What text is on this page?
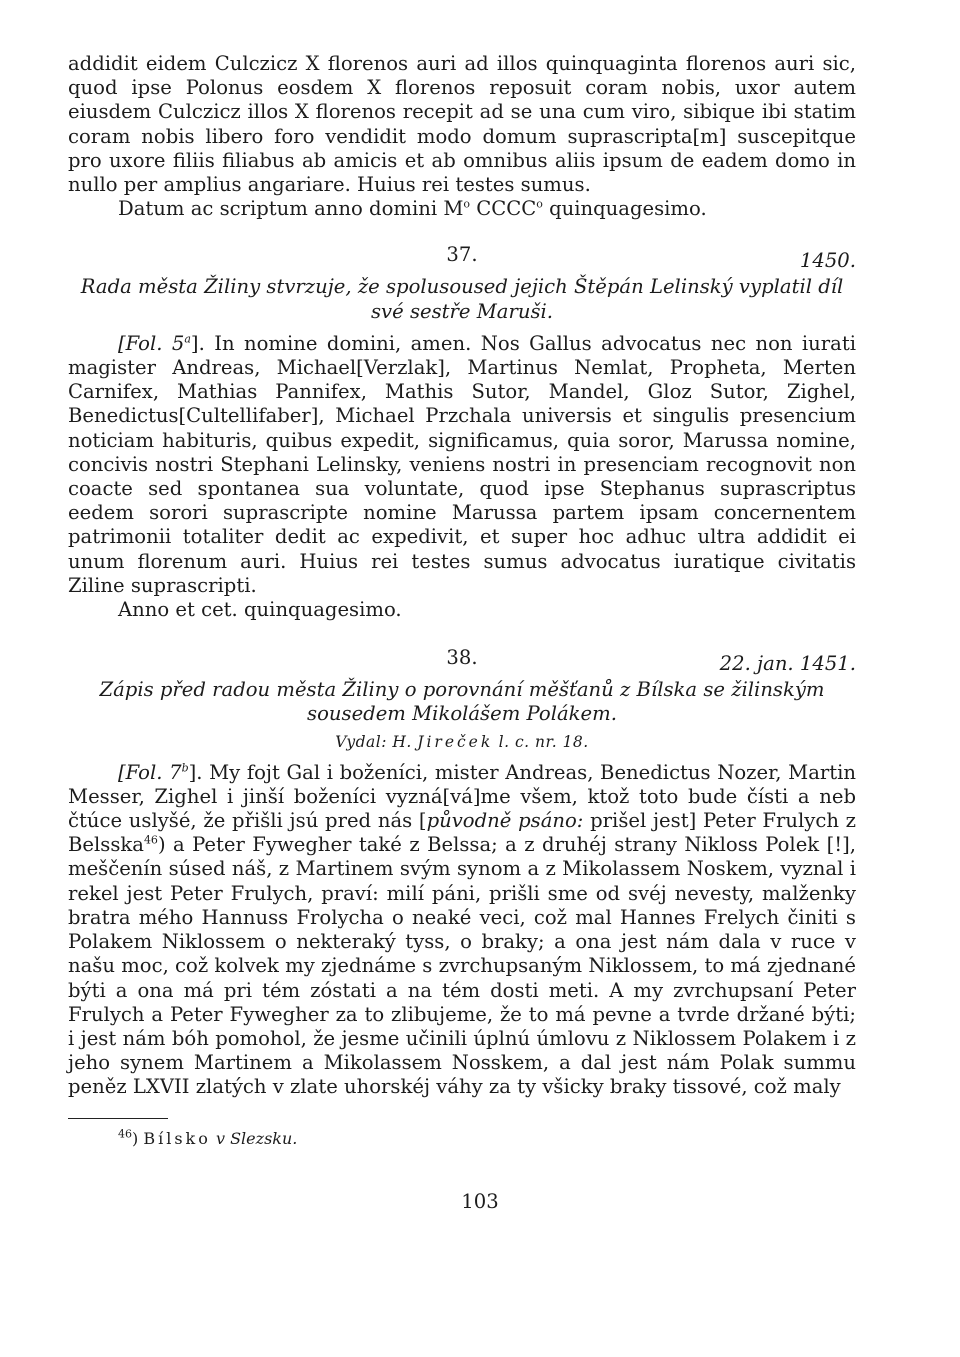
addidit eidem Culczicz X florenos auri ad illos quinquaginta florenos auri sic, quod ipse Polonus eosdem X florenos reposuit coram nobis, uxor autem eiusdem Culczicz illos X florenos recepit ad se una cum viro, sibique ibi statim coram nobis libero foro vendidit modo domum suprascripta[m] suscepitque pro uxore filiis filiabus ab amicis et ab omnibus aliis ipsum de eadem domo in nullo per amplius angariare. Huius rei testes sumus.

Datum ac scriptum anno domini $M^o$ CCCC$^o$ quinquagesimo.

37.	1450.

Rada města Žiliny stvrzuje, že spolusoused jejich Štěpán Lelinský vyplatil díl své sestře Maruši.

[Fol. 5$^a$]. In nomine domini, amen. Nos Gallus advocatus nec non iurati magister Andreas, Michael[Verzlak], Martinus Nemlat, Propheta, Merten Carnifex, Mathias Pannifex, Mathis Sutor, Mandel, Gloz Sutor, Zighel, Benedictus[Cultellifaber], Michael Przchala universis et singulis presencium noticiam habituris, quibus expedit, significamus, quia soror, Marussa nomine, concivis nostri Stephani Lelinsky, veniens nostri in presenciam recognovit non coacte sed spontanea sua voluntate, quod ipse Stephanus suprascriptus eedem sorori suprascripte nomine Marussa partem ipsam concernentem patrimonii totaliter dedit ac expedivit, et super hoc adhuc ultra addidit ei unum florenum auri. Huius rei testes sumus advocatus iuratique civitatis Ziline suprascripti.

Anno et cet. quinquagesimo.

38.	22. jan. 1451.

Zápis před radou města Žiliny o porovnání měšťanů z Bílska se žilinským sousedem Mikolášem Polákem.

Vydal: H. Jireček l. c. nr. 18.

[Fol. 7$^b$]. My fojt Gal i boženíci, mister Andreas, Benedictus Nozer, Martin Messer, Zighel i jinší boženíci vyzná[vá]me všem, ktož toto bude čísti a neb čtúce uslyšé, že přišli jsú pred nás [původně psáno: prišel jest] Peter Frulych z Belsska$^{46}$) a Peter Fywegher také z Belssa; a z druhéj strany Nikloss Polek [!], meščenín súsed náš, z Martinem svým synom a z Mikolassem Noskem, vyznal i rekel jest Peter Frulych, praví: milí páni, prišli sme od svéj nevesty, malženky bratra mého Hannuss Frolycha o neaké veci, což mal Hannes Frelych činiti s Polakem Niklossem o nekteraký tyss, o braky; a ona jest nám dala v ruce v našu moc, což kolvek my zjednáme s zvrchupsaným Niklossem, to má zjednané býti a ona má pri tém zóstati a na tém dosti meti. A my zvrchupsaní Peter Frulych a Peter Fywegher za to zlibujeme, že to má pevne a tvrde držané býti; i jest nám bóh pomohol, že jesme učinili úplnú úmlovu z Niklossem Polakem i z jeho synem Martinem a Mikolassem Nosskem, a dal jest nám Polak summu peněz LXVII zlatých v zlate uhorskéj váhy za ty všicky braky tissové, což maly

$^{46}$) Bílsko v Slezsku.
103
